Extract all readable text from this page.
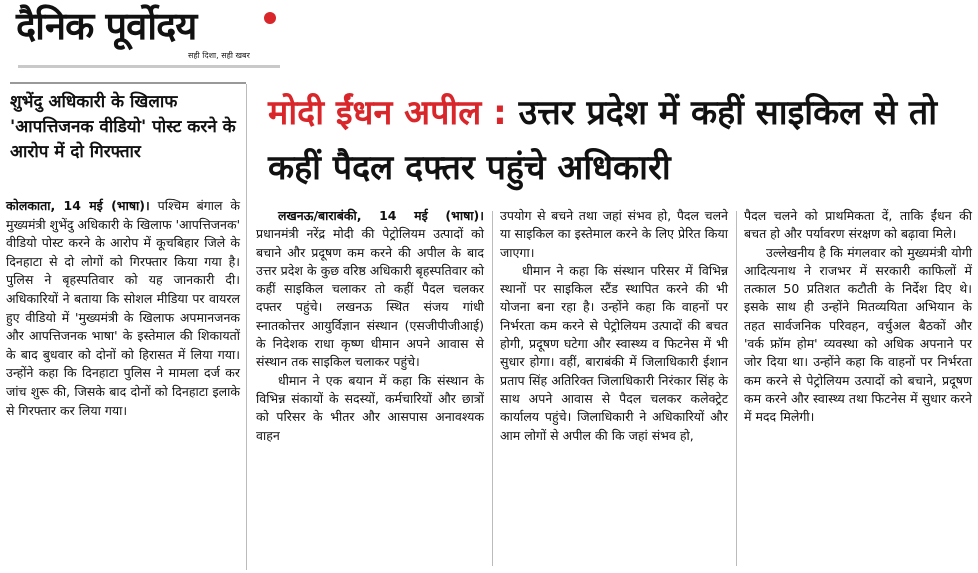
दैनिक पूर्वोदय
सही दिशा, सही खबर
शुभेंदु अधिकारी के खिलाफ 'आपत्तिजनक वीडियो' पोस्ट करने के आरोप में दो गिरफ्तार
कोलकाता, 14 मई (भाषा)। पश्चिम बंगाल के मुख्यमंत्री शुभेंदु अधिकारी के खिलाफ 'आपत्तिजनक' वीडियो पोस्ट करने के आरोप में कूचबिहार जिले के दिनहाटा से दो लोगों को गिरफ्तार किया गया है। पुलिस ने बृहस्पतिवार को यह जानकारी दी। अधिकारियों ने बताया कि सोशल मीडिया पर वायरल हुए वीडियो में 'मुख्यमंत्री के खिलाफ अपमानजनक और आपत्तिजनक भाषा' के इस्तेमाल की शिकायतों के बाद बुधवार को दोनों को हिरासत में लिया गया। उन्होंने कहा कि दिनहाटा पुलिस ने मामला दर्ज कर जांच शुरू की, जिसके बाद दोनों को दिनहाटा इलाके से गिरफ्तार कर लिया गया।
मोदी ईंधन अपील : उत्तर प्रदेश में कहीं साइकिल से तो कहीं पैदल दफ्तर पहुंचे अधिकारी

लखनऊ/बाराबंकी, 14 मई (भाषा)। प्रधानमंत्री नरेंद्र मोदी की पेट्रोलियम उत्पादों को बचाने और प्रदूषण कम करने की अपील के बाद उत्तर प्रदेश के कुछ वरिष्ठ अधिकारी बृहस्पतिवार को कहीं साइकिल चलाकर तो कहीं पैदल चलकर दफ्तर पहुंचे। लखनऊ स्थित संजय गांधी स्नातकोत्तर आयुर्विज्ञान संस्थान (एसजीपीजीआई) के निदेशक राधा कृष्ण धीमान अपने आवास से संस्थान तक साइकिल चलाकर पहुंचे।

धीमान ने एक बयान में कहा कि संस्थान के विभिन्न संकायों के सदस्यों, कर्मचारियों और छात्रों को परिसर के भीतर और आसपास अनावश्यक वाहन

उपयोग से बचने तथा जहां संभव हो, पैदल चलने या साइकिल का इस्तेमाल करने के लिए प्रेरित किया जाएगा।

धीमान ने कहा कि संस्थान परिसर में विभिन्न स्थानों पर साइकिल स्टैंड स्थापित करने की भी योजना बना रहा है। उन्होंने कहा कि वाहनों पर निर्भरता कम करने से पेट्रोलियम उत्पादों की बचत होगी, प्रदूषण घटेगा और स्वास्थ्य व फिटनेस में भी सुधार होगा। वहीं, बाराबंकी में जिलाधिकारी ईशान प्रताप सिंह अतिरिक्त जिलाधिकारी निरंकार सिंह के साथ अपने आवास से पैदल चलकर कलेक्ट्रेट कार्यालय पहुंचे। जिलाधिकारी ने अधिकारियों और आम लोगों से अपील की कि जहां संभव हो,

पैदल चलने को प्राथमिकता दें, ताकि ईंधन की बचत हो और पर्यावरण संरक्षण को बढ़ावा मिले।

उल्लेखनीय है कि मंगलवार को मुख्यमंत्री योगी आदित्यनाथ ने राजभर में सरकारी काफिलों में तत्काल 50 प्रतिशत कटौती के निर्देश दिए थे। इसके साथ ही उन्होंने मितव्ययिता अभियान के तहत सार्वजनिक परिवहन, वर्चुअल बैठकों और 'वर्क फ्रॉम होम' व्यवस्था को अधिक अपनाने पर जोर दिया था। उन्होंने कहा कि वाहनों पर निर्भरता कम करने से पेट्रोलियम उत्पादों को बचाने, प्रदूषण कम करने और स्वास्थ्य तथा फिटनेस में सुधार करने में मदद मिलेगी।
